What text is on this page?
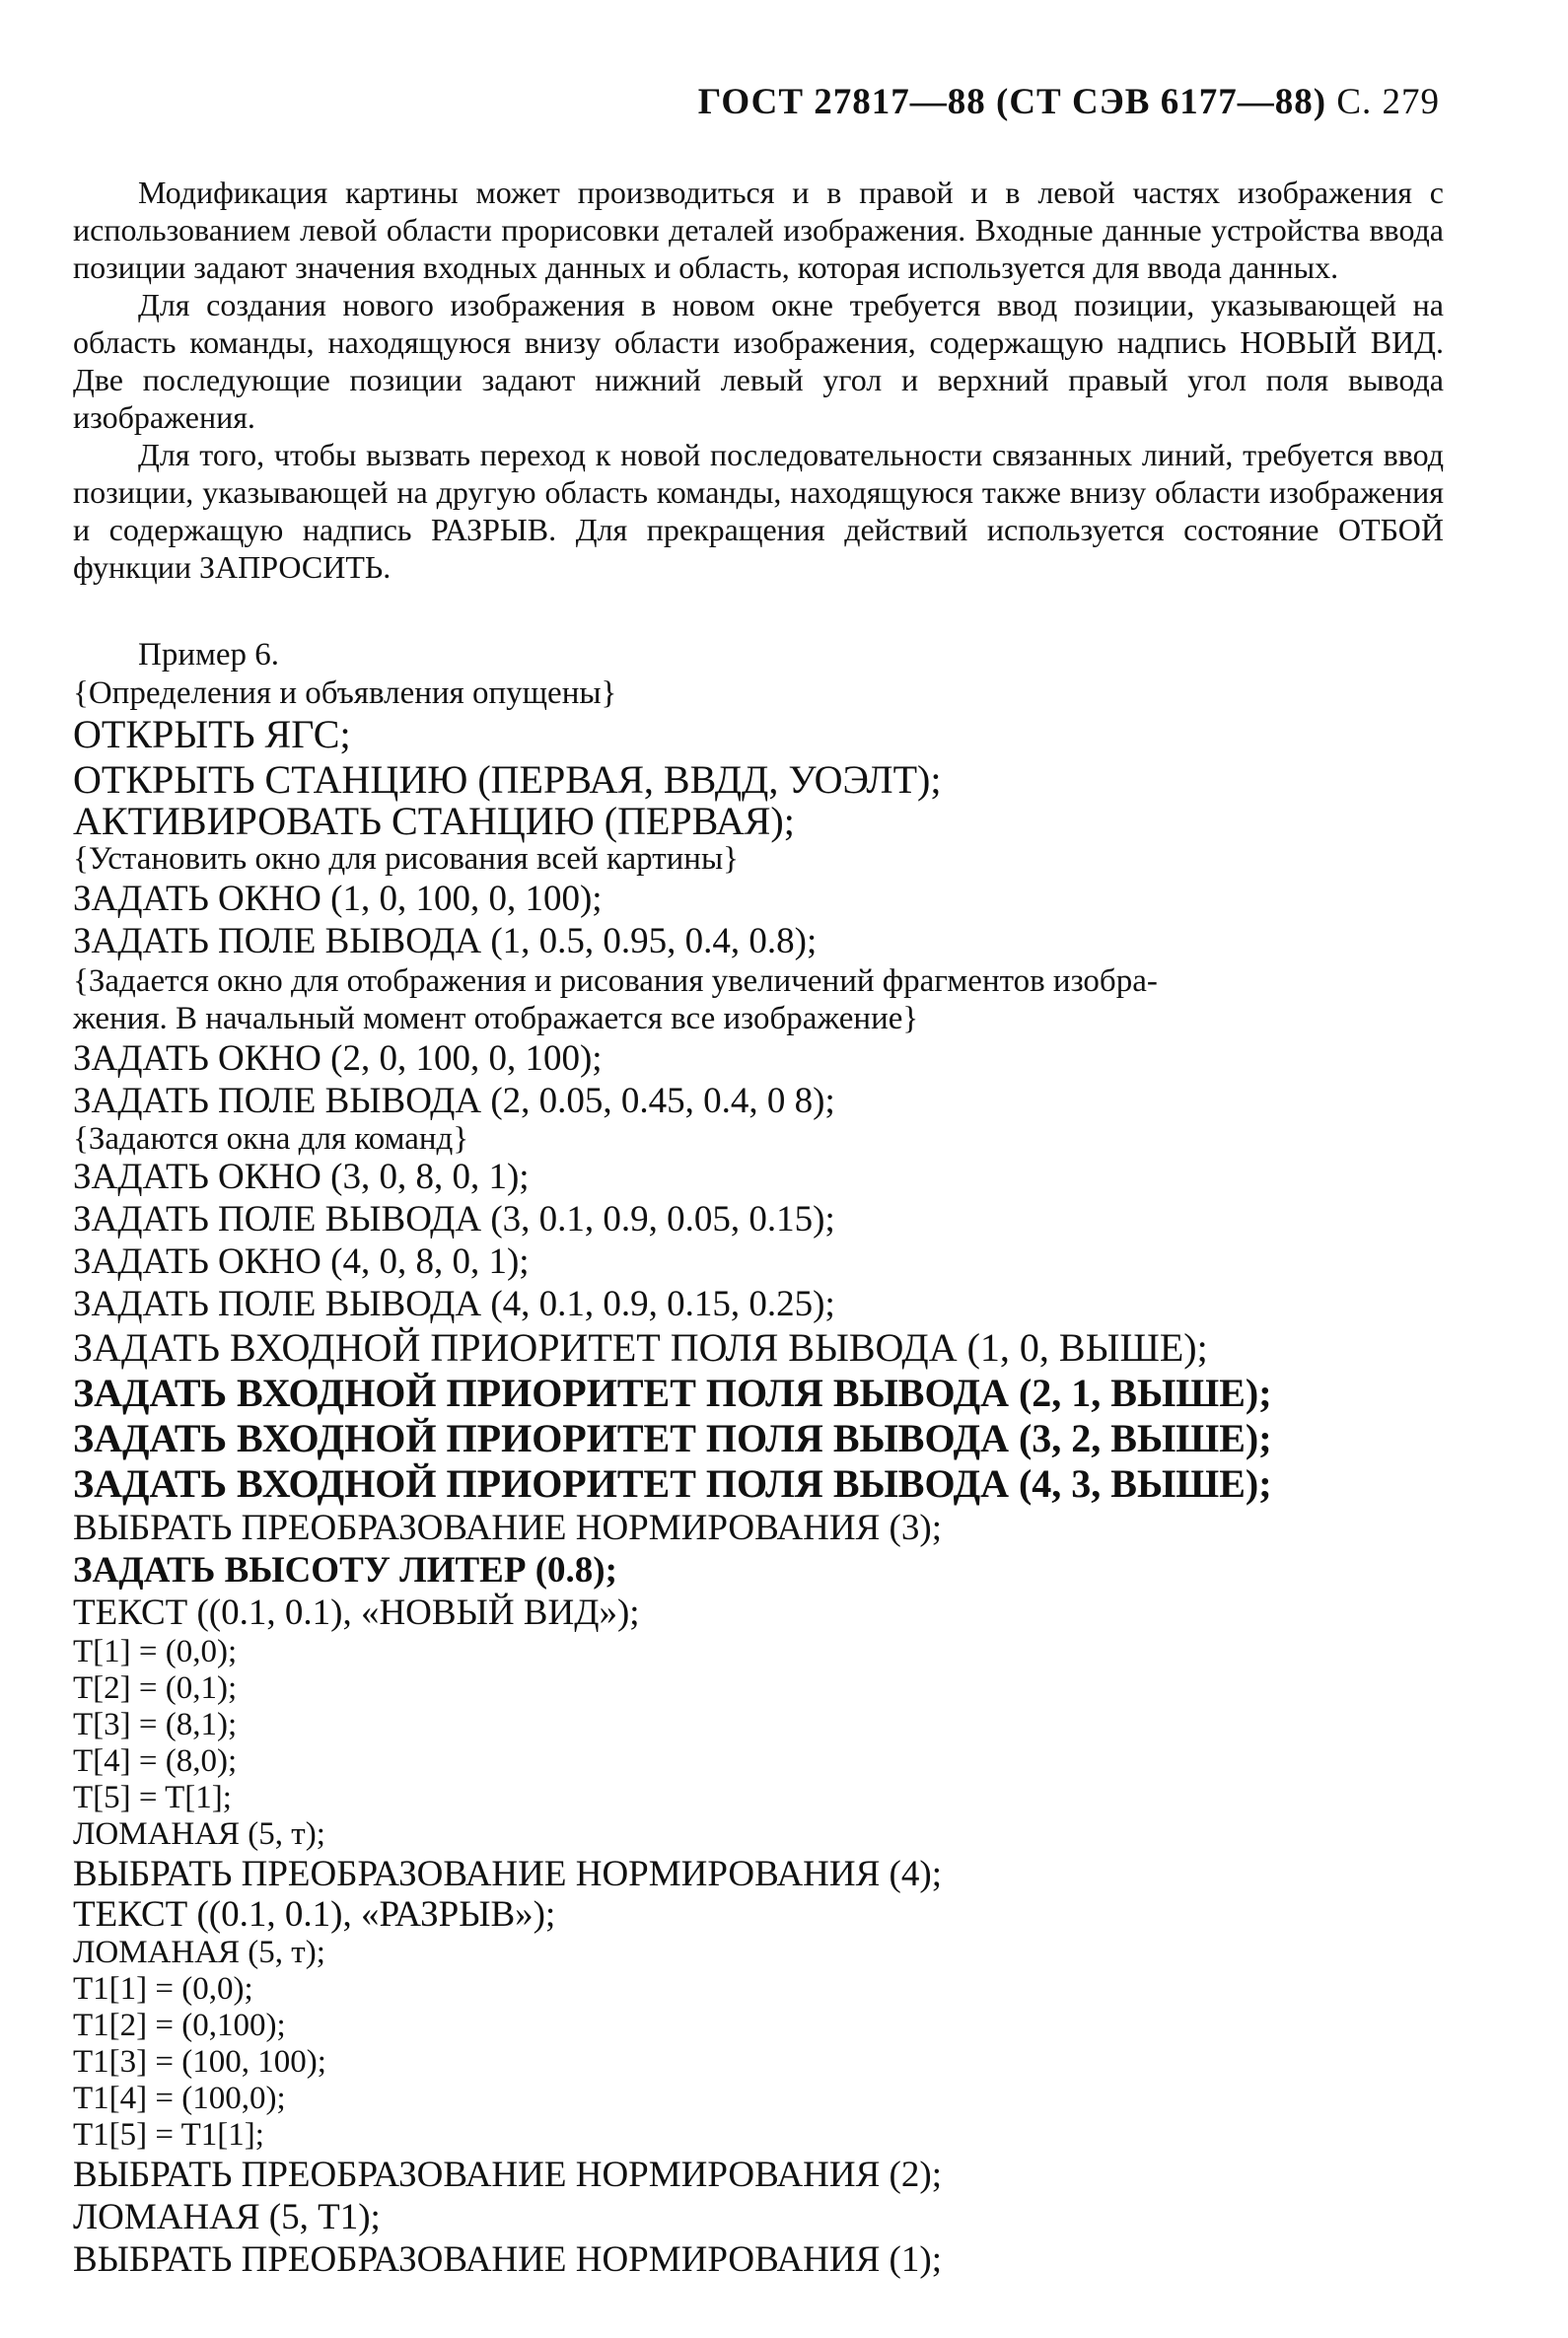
ГОСТ 27817—88 (СТ СЭВ 6177—88) С. 279

Модификация картины может производиться и в правой и в левой частях изображения с использованием левой области прорисовки деталей изображения. Входные данные устройства ввода позиции задают значения входных данных и область, которая используется для ввода данных.

Для создания нового изображения в новом окне требуется ввод позиции, указывающей на область команды, находящуюся внизу области изображения, содержащую надпись НОВЫЙ ВИД. Две последующие позиции задают нижний левый угол и верхний правый угол поля вывода изображения.

Для того, чтобы вызвать переход к новой последовательности связанных линий, требуется ввод позиции, указывающей на другую область команды, находящуюся также внизу области изображения и содержащую надпись РАЗРЫВ. Для прекращения действий используется состояние ОТБОЙ функции ЗАПРОСИТЬ.

Пример 6.

{Определения и объявления опущены}

ОТКРЫТЬ ЯГС;

ОТКРЫТЬ СТАНЦИЮ (ПЕРВАЯ, ВВДД, УОЭЛТ);

АКТИВИРОВАТЬ СТАНЦИЮ (ПЕРВАЯ);

{Установить окно для рисования всей картины}

ЗАДАТЬ ОКНО (1, 0, 100, 0, 100);

ЗАДАТЬ ПОЛЕ ВЫВОДА (1, 0.5, 0.95, 0.4, 0.8);

{Задается окно для отображения и рисования увеличений фрагментов изобра-

жения. В начальный момент отображается все изображение}

ЗАДАТЬ ОКНО (2, 0, 100, 0, 100);

ЗАДАТЬ ПОЛЕ ВЫВОДА (2, 0.05, 0.45, 0.4, 0 8);

{Задаются окна для команд}

ЗАДАТЬ ОКНО (3, 0, 8, 0, 1);

ЗАДАТЬ ПОЛЕ ВЫВОДА (3, 0.1, 0.9, 0.05, 0.15);

ЗАДАТЬ ОКНО (4, 0, 8, 0, 1);

ЗАДАТЬ ПОЛЕ ВЫВОДА (4, 0.1, 0.9, 0.15, 0.25);

ЗАДАТЬ ВХОДНОЙ ПРИОРИТЕТ ПОЛЯ ВЫВОДА (1, 0, ВЫШЕ);

ЗАДАТЬ ВХОДНОЙ ПРИОРИТЕТ ПОЛЯ ВЫВОДА (2, 1, ВЫШЕ);

ЗАДАТЬ ВХОДНОЙ ПРИОРИТЕТ ПОЛЯ ВЫВОДА (3, 2, ВЫШЕ);

ЗАДАТЬ ВХОДНОЙ ПРИОРИТЕТ ПОЛЯ ВЫВОДА (4, 3, ВЫШЕ);

ВЫБРАТЬ ПРЕОБРАЗОВАНИЕ НОРМИРОВАНИЯ (3);

ЗАДАТЬ ВЫСОТУ ЛИТЕР (0.8);

ТЕКСТ ((0.1, 0.1), «НОВЫЙ ВИД»);

T[1] = (0,0);

T[2] = (0,1);

T[3] = (8,1);

T[4] = (8,0);

T[5] = T[1];

ЛОМАНАЯ (5, т);

ВЫБРАТЬ ПРЕОБРАЗОВАНИЕ НОРМИРОВАНИЯ (4);

ТЕКСТ ((0.1, 0.1), «РАЗРЫВ»);

ЛОМАНАЯ (5, т);

T1[1] = (0,0);

T1[2] = (0,100);

T1[3] = (100, 100);

T1[4] = (100,0);

T1[5] = T1[1];

ВЫБРАТЬ ПРЕОБРАЗОВАНИЕ НОРМИРОВАНИЯ (2);

ЛОМАНАЯ (5, T1);

ВЫБРАТЬ ПРЕОБРАЗОВАНИЕ НОРМИРОВАНИЯ (1);
